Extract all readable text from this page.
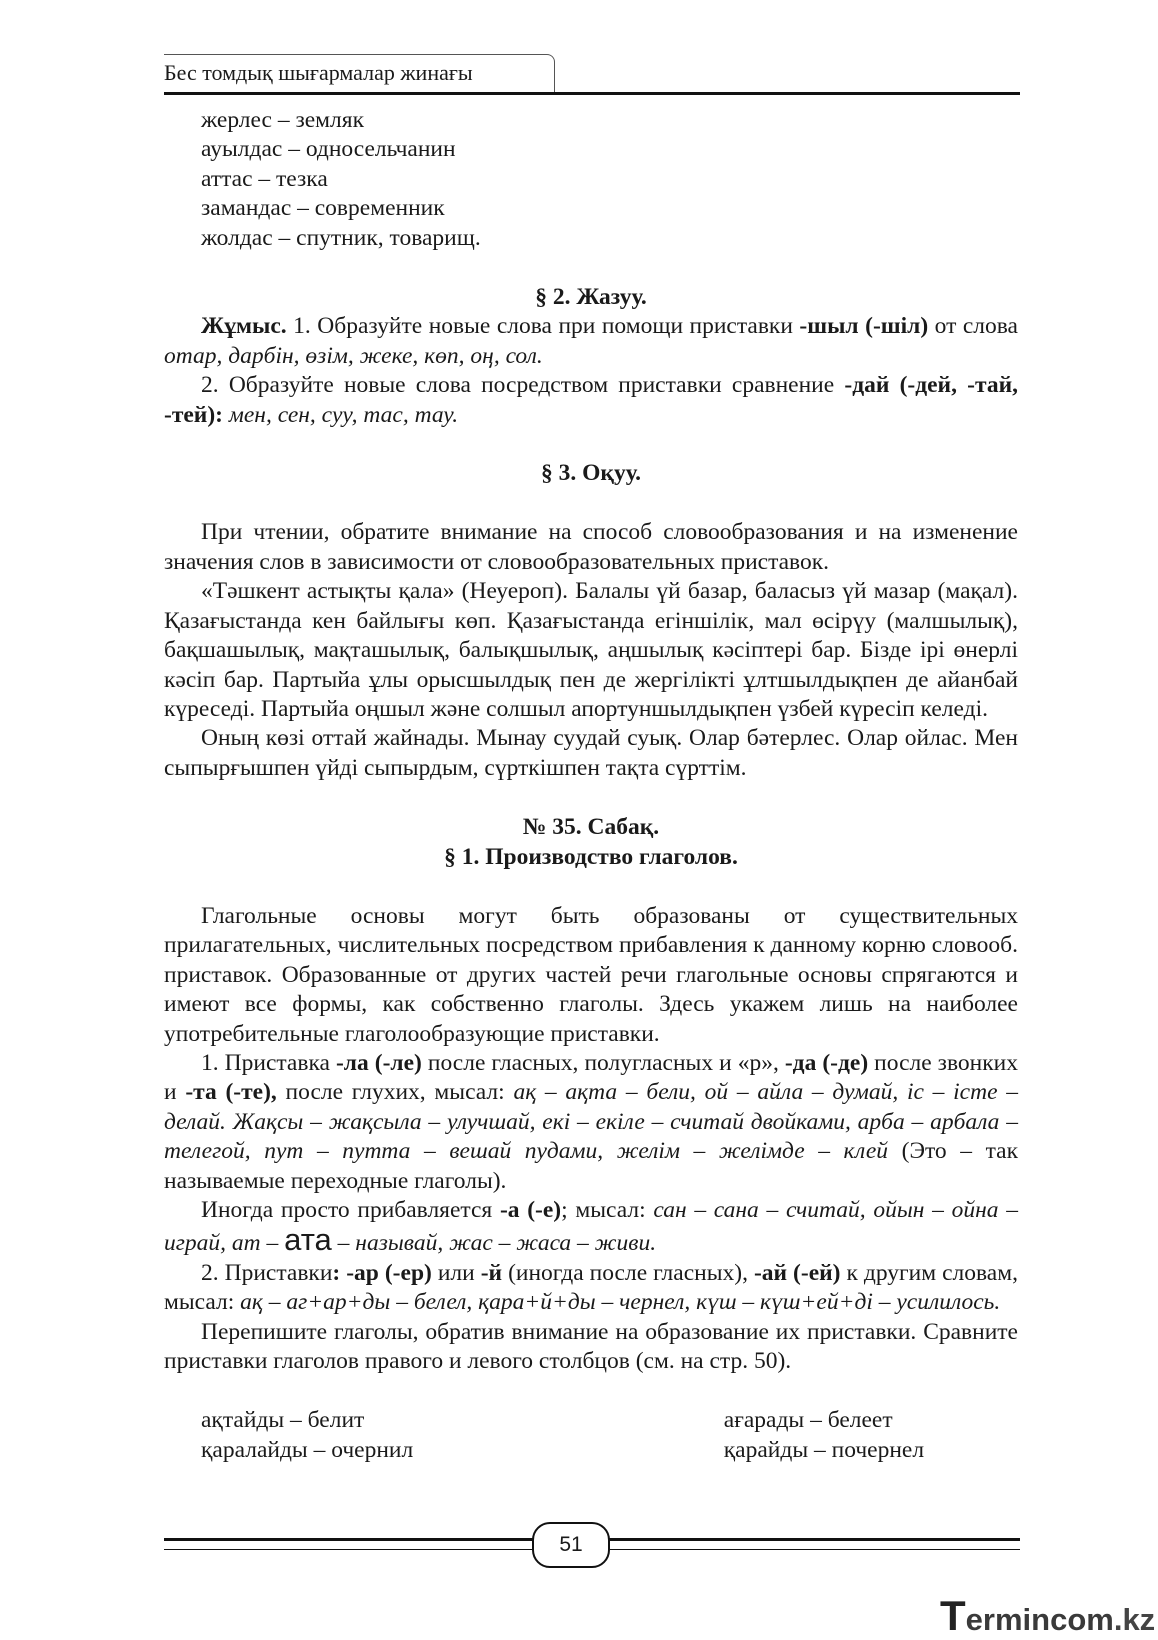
Бес томдық шығармалар жинағы
жерлес – земляк
ауылдас – односельчанин
аттас – тезка
замандас – современник
жолдас – спутник, товарищ.

§ 2. Жазуу.

Жұмыс. 1. Образуйте новые слова при помощи приставки -шыл (-шіл) от слова отар, дарбін, өзім, жеке, көп, оң, сол.

2. Образуйте новые слова посредством приставки сравнение -дай (-дей, -тай, -тей): мен, сен, суу, тас, тау.

§ 3. Оқуу.

При чтении, обратите внимание на способ словообразования и на изменение значения слов в зависимости от словообразовательных приставок.

«Тәшкент астықты қала» (Неуероп). Балалы үй базар, баласыз үй мазар (мақал). Қазағыстанда кен байлығы көп. Қазағыстанда егіншілік, мал өсірүу (малшылық), бақшашылық, мақташылық, балықшылық, аңшылық кәсіптері бар. Бізде ірі өнерлі кәсіп бар. Партыйа ұлы орысшылдық пен де жергілікті ұлтшылдықпен де айанбай күреседі. Партыйа оңшыл және солшыл апортуншылдықпен үзбей күресіп келеді.

Оның көзі оттай жайнады. Мынау суудай суық. Олар бәтерлес. Олар ойлас. Мен сыпырғышпен үйді сыпырдым, сүрткішпен тақта сүрттім.

№ 35. Сабақ.

§ 1. Производство глаголов.

Глагольные основы могут быть образованы от существительных прилагательных, числительных посредством прибавления к данному корню словооб. приставок. Образованные от других частей речи глагольные основы спрягаются и имеют все формы, как собственно глаголы. Здесь укажем лишь на наиболее употребительные глаголообразующие приставки.

1. Приставка -ла (-ле) после гласных, полугласных и «р», -да (-де) после звонких и -та (-те), после глухих, мысал: ақ – ақта – бели, ой – айла – думай, іс – істе – делай. Жақсы – жақсыла – улучшай, екі – екіле – считай двойками, арба – арбала – телегой, пут – путта – вешай пудами, желім – желімде – клей (Это – так называемые переходные глаголы).

Иногда просто прибавляется -а (-е); мысал: сан – сана – считай, ойын – ойна – играй, ат – ата – называй, жас – жаса – живи.

2. Приставки: -ар (-ер) или -й (иногда после гласных), -ай (-ей) к другим словам, мысал: ақ – аг+ар+ды – белел, қара+й+ды – чернел, күш – күш+ей+ді – усилилось.

Перепишите глаголы, обратив внимание на образование их приставки. Сравните приставки глаголов правого и левого столбцов (см. на стр. 50).

ақтайды – белит
қаралайды – очернил
ағарады – белеет
қарайды – почернел
51
Termincom.kz
